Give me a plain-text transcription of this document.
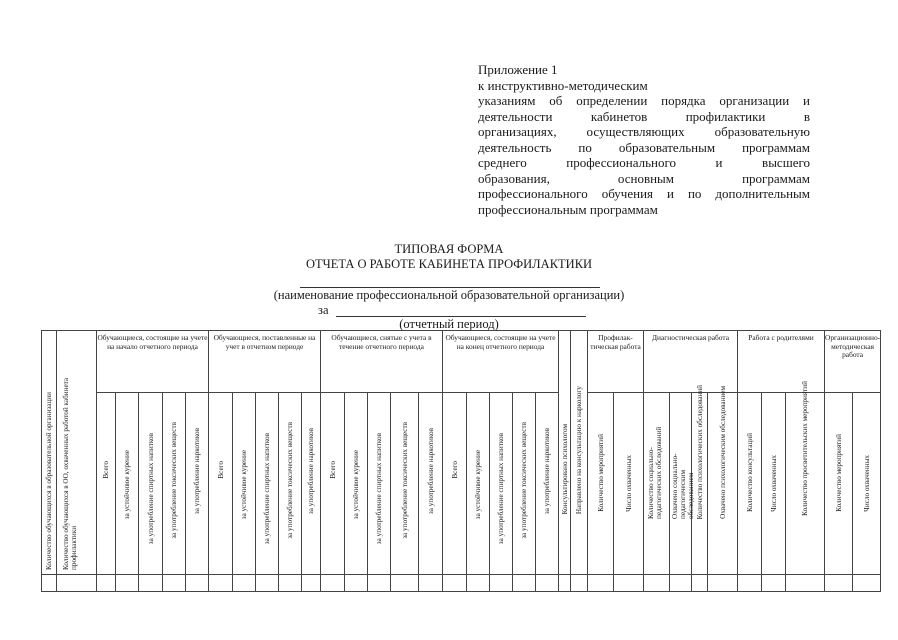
Приложение 1
к инструктивно-методическим
указаниям об определении порядка организации и
деятельности кабинетов профилактики в
организациях, осуществляющих образовательную
деятельность по образовательным программам
среднего профессионального и высшего
образования, основным программам
профессионального обучения и по дополнительным
профессиональным программам
ТИПОВАЯ ФОРМА
ОТЧЕТА О РАБОТЕ КАБИНЕТА ПРОФИЛАКТИКИ
(наименование профессиональной образовательной организации)
за
(отчетный период)
Количество обучающихся в образовательной организации	Количество обучающихся в ОО, охваченных работой кабинета профилактики	Обучающиеся, состоящие на учете на начало отчетного периода					Обучающиеся, поставленные на учет в отчетном периоде					Обучающиеся, снятые с учета в течение отчетного периода					Обучающиеся, состоящие на учете на конец отчетного периода					Консультировано психологом	Направлено на консультацию к наркологу	Профилак-тическая работа		Диагностическая работа				Работа с родителями			Организационно-методическая работа	

		Всего	за устойчивое курение	за употребление спиртных напитков	за употребление токсических веществ	за употребление наркотиков	Всего	за устойчивое курение	за употребление спиртных напитков	за употребление токсических веществ	за употребление наркотиков	Всего	за устойчивое курение	за употребление спиртных напитков	за употребление токсических веществ	за употребление наркотиков	Всего	за устойчивое курение	за употребление спиртных напитков	за употребление токсических веществ	за употребление наркотиков			Количество мероприятий	Число охваченных	Количество социально-педагогических обследований	Охвачено социально-педагогическим обследованием	Количество психологических обследований	Охвачено психологическим обследованием	Количество консультаций	Число охваченных	Количество просветительских мероприятий	Количество мероприятий	Число охваченных
